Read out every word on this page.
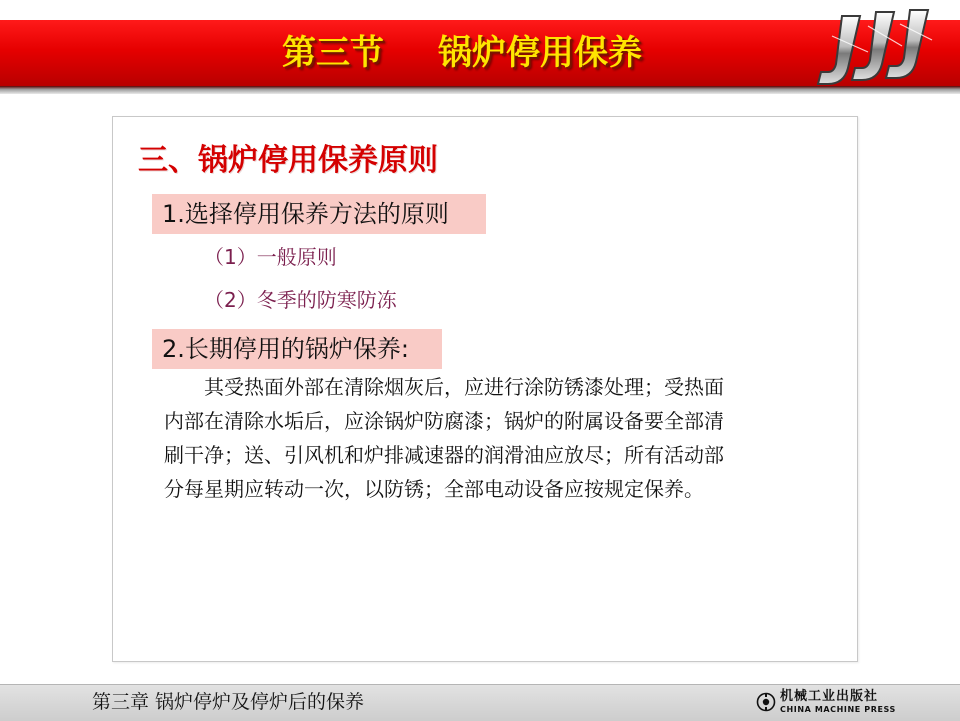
第三节 锅炉停用保养
三、锅炉停用保养原则
1.选择停用保养方法的原则
（1）一般原则
（2）冬季的防寒防冻
2.长期停用的锅炉保养:
　　其受热面外部在清除烟灰后，应进行涂防锈漆处理；受热面
内部在清除水垢后，应涂锅炉防腐漆；锅炉的附属设备要全部清
刷干净；送、引风机和炉排减速器的润滑油应放尽；所有活动部
分每星期应转动一次，以防锈；全部电动设备应按规定保养。
第三章 锅炉停炉及停炉后的保养	机械工业出版社
CHINA MACHINE PRESS
